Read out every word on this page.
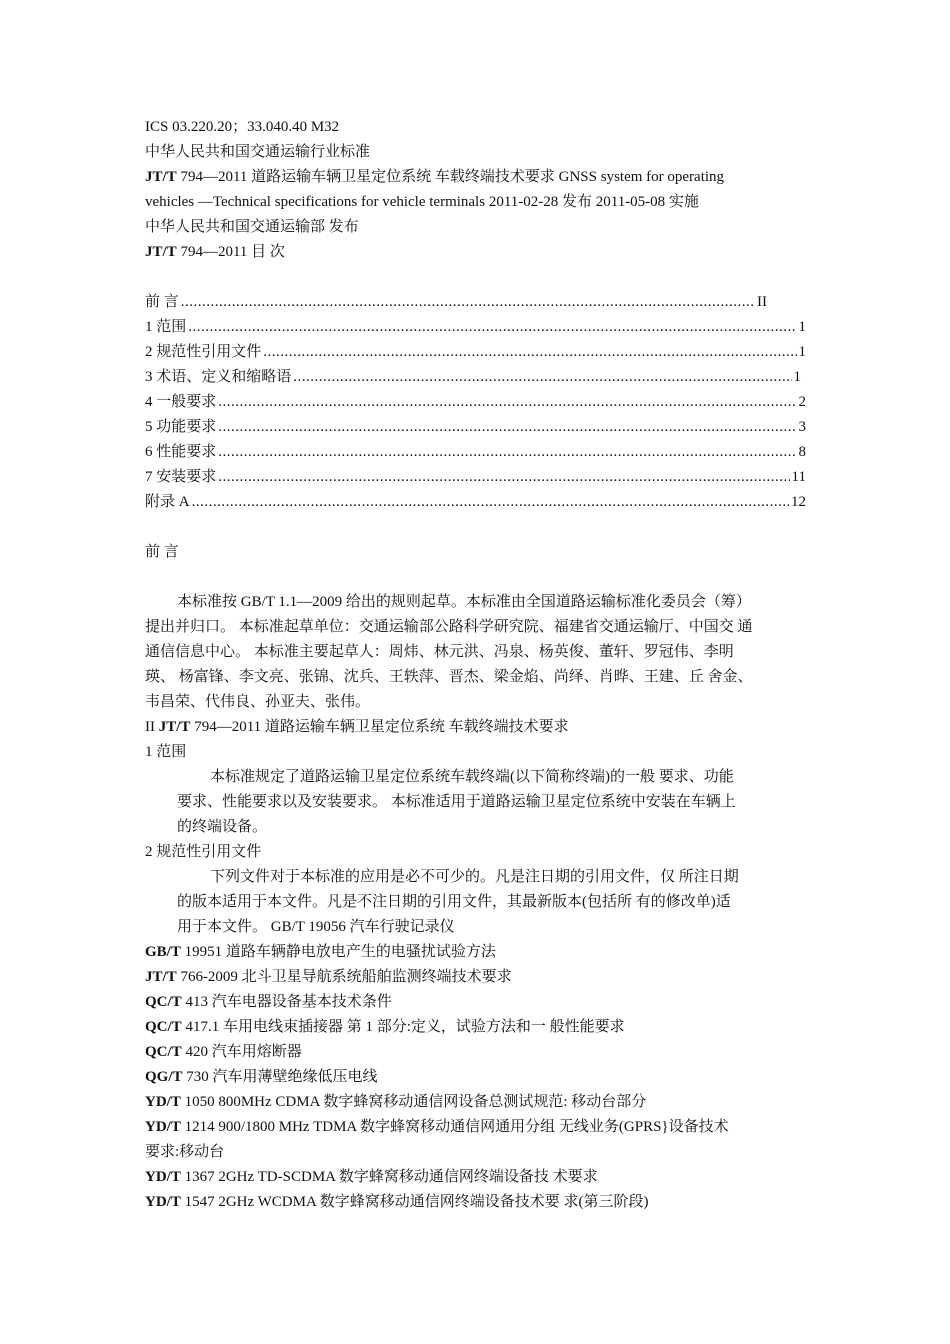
ICS 03.220.20；33.040.40 M32
中华人民共和国交通运输行业标准
JT/T 794—2011 道路运输车辆卫星定位系统 车载终端技术要求 GNSS system for operating
vehicles —Technical specifications for vehicle terminals 2011-02-28 发布 2011-05-08 实施
中华人民共和国交通运输部 发布
JT/T 794—2011 目 次
前 言 .....	II
1 范围 .....	1
2 规范性引用文件 .....	1
3 术语、定义和缩略语 .....	1
4 一般要求 .....	2
5 功能要求 .....	3
6 性能要求 .....	8
7 安装要求 .....	11
附录 A .....	12
前 言
本标准按 GB/T 1.1—2009 给出的规则起草。本标准由全国道路运输标准化委员会（筹）
提出并归口。 本标准起草单位：交通运输部公路科学研究院、福建省交通运输厅、中国交 通
通信信息中心。 本标准主要起草人：周炜、林元洪、冯泉、杨英俊、董轩、罗冠伟、李明
瑛、 杨富锋、李文亮、张锦、沈兵、王轶萍、晋杰、梁金焰、尚绎、肖晔、王建、丘 舍金、
韦昌荣、代伟良、孙亚夫、张伟。
II JT/T 794—2011 道路运输车辆卫星定位系统 车载终端技术要求
1 范围
本标准规定了道路运输卫星定位系统车载终端(以下简称终端)的一般 要求、功能
要求、性能要求以及安装要求。 本标准适用于道路运输卫星定位系统中安装在车辆上
的终端设备。
2 规范性引用文件
下列文件对于本标准的应用是必不可少的。凡是注日期的引用文件，仅 所注日期
的版本适用于本文件。凡是不注日期的引用文件，其最新版本(包括所 有的修改单)适
用于本文件。 GB/T 19056 汽车行驶记录仪
GB/T 19951 道路车辆静电放电产生的电骚扰试验方法
JT/T 766-2009 北斗卫星导航系统船舶监测终端技术要求
QC/T 413 汽车电器设备基本技术条件
QC/T 417.1 车用电线束插接器 第 1 部分:定义，试验方法和一 般性能要求
QC/T 420 汽车用熔断器
QG/T 730 汽车用薄壁绝缘低压电线
YD/T 1050 800MHz CDMA 数字蜂窝移动通信网设备总测试规范: 移动台部分
YD/T 1214 900/1800 MHz TDMA 数字蜂窝移动通信网通用分组 无线业务(GPRS}设备技术
要求:移动台
YD/T 1367 2GHz TD-SCDMA 数字蜂窝移动通信网终端设备技 术要求
YD/T 1547 2GHz WCDMA 数字蜂窝移动通信网终端设备技术要 求(第三阶段)
